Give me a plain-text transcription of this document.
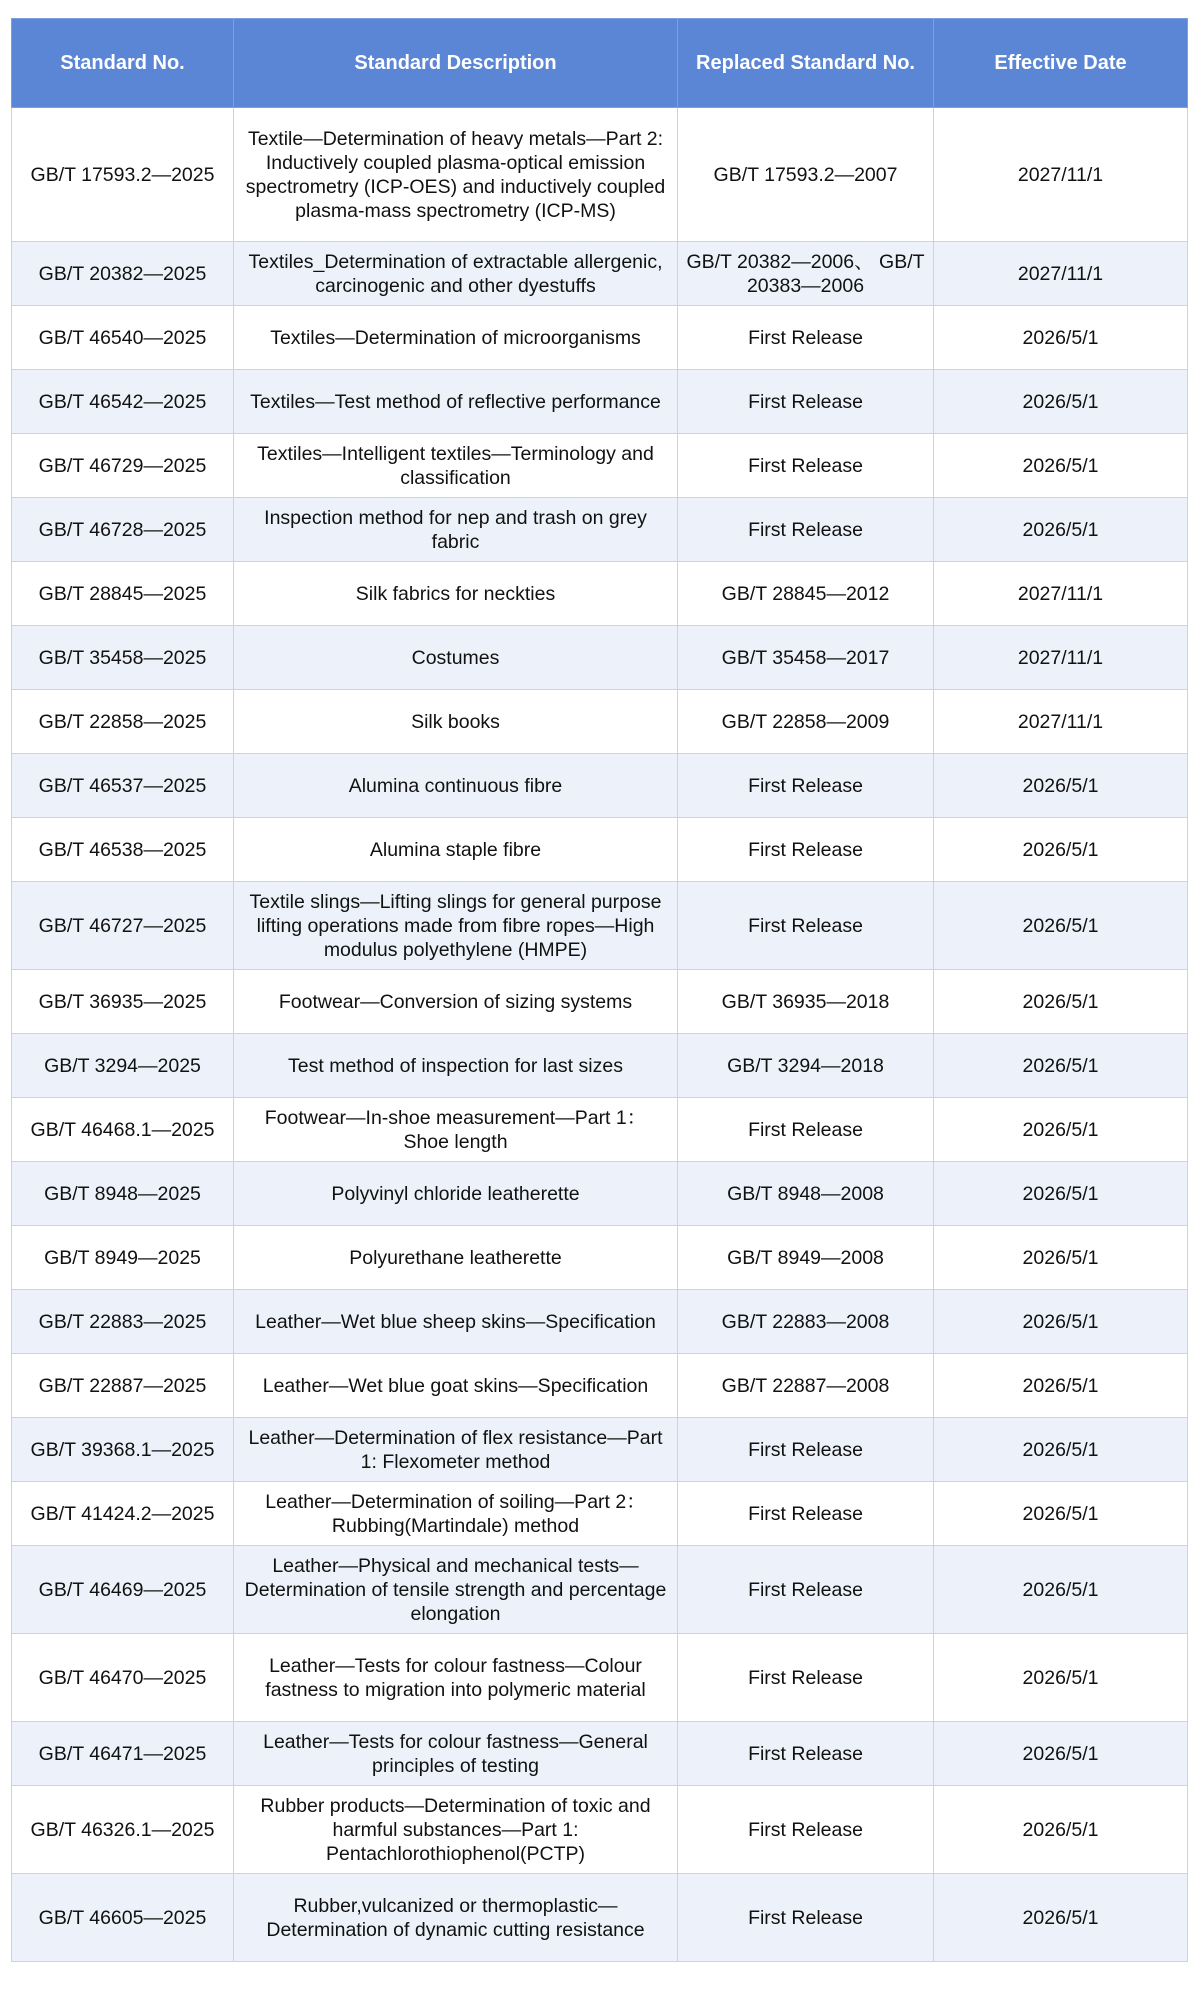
Standard No.	Standard Description	Replaced Standard No.	Effective Date
GB/T 17593.2—2025	Textile—Determination of heavy metals—Part 2: Inductively coupled plasma-optical emission spectrometry (ICP-OES) and inductively coupled plasma-mass spectrometry (ICP-MS)	GB/T 17593.2—2007	2027/11/1
GB/T 20382—2025	Textiles_Determination of extractable allergenic, carcinogenic and other dyestuffs	GB/T 20382—2006、 GB/T 20383—2006	2027/11/1
GB/T 46540—2025	Textiles—Determination of microorganisms	First Release	2026/5/1
GB/T 46542—2025	Textiles—Test method of reflective performance	First Release	2026/5/1
GB/T 46729—2025	Textiles—Intelligent textiles—Terminology and classification	First Release	2026/5/1
GB/T 46728—2025	Inspection method for nep and trash on grey fabric	First Release	2026/5/1
GB/T 28845—2025	Silk fabrics for neckties	GB/T 28845—2012	2027/11/1
GB/T 35458—2025	Costumes	GB/T 35458—2017	2027/11/1
GB/T 22858—2025	Silk books	GB/T 22858—2009	2027/11/1
GB/T 46537—2025	Alumina continuous fibre	First Release	2026/5/1
GB/T 46538—2025	Alumina staple fibre	First Release	2026/5/1
GB/T 46727—2025	Textile slings—Lifting slings for general purpose lifting operations made from fibre ropes—High modulus polyethylene (HMPE)	First Release	2026/5/1
GB/T 36935—2025	Footwear—Conversion of sizing systems	GB/T 36935—2018	2026/5/1
GB/T 3294—2025	Test method of inspection for last sizes	GB/T 3294—2018	2026/5/1
GB/T 46468.1—2025	Footwear—In-shoe measurement—Part 1： Shoe length	First Release	2026/5/1
GB/T 8948—2025	Polyvinyl chloride leatherette	GB/T 8948—2008	2026/5/1
GB/T 8949—2025	Polyurethane leatherette	GB/T 8949—2008	2026/5/1
GB/T 22883—2025	Leather—Wet blue sheep skins—Specification	GB/T 22883—2008	2026/5/1
GB/T 22887—2025	Leather—Wet blue goat skins—Specification	GB/T 22887—2008	2026/5/1
GB/T 39368.1—2025	Leather—Determination of flex resistance—Part 1: Flexometer method	First Release	2026/5/1
GB/T 41424.2—2025	Leather—Determination of soiling—Part 2： Rubbing(Martindale) method	First Release	2026/5/1
GB/T 46469—2025	Leather—Physical and mechanical tests—Determination of tensile strength and percentage elongation	First Release	2026/5/1
GB/T 46470—2025	Leather—Tests for colour fastness—Colour fastness to migration into polymeric material	First Release	2026/5/1
GB/T 46471—2025	Leather—Tests for colour fastness—General principles of testing	First Release	2026/5/1
GB/T 46326.1—2025	Rubber products—Determination of toxic and harmful substances—Part 1: Pentachlorothiophenol(PCTP)	First Release	2026/5/1
GB/T 46605—2025	Rubber,vulcanized or thermoplastic—Determination of dynamic cutting resistance	First Release	2026/5/1
